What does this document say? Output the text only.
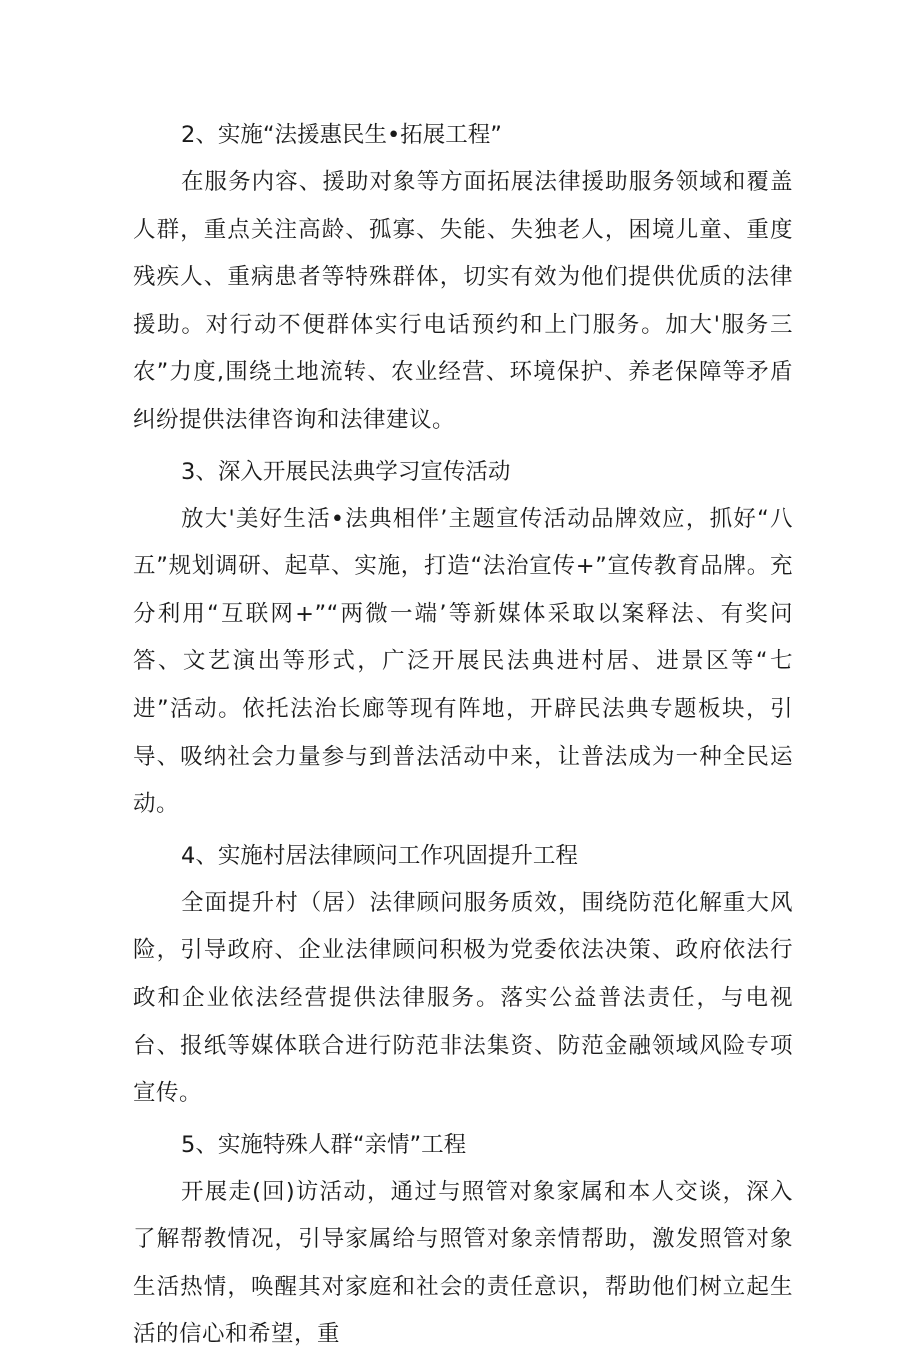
2、实施“法援惠民生•拓展工程”

在服务内容、援助对象等方面拓展法律援助服务领域和覆盖人群，重点关注高龄、孤寡、失能、失独老人，困境儿童、重度残疾人、重病患者等特殊群体，切实有效为他们提供优质的法律援助。对行动不便群体实行电话预约和上门服务。加大'服务三农”力度,围绕土地流转、农业经营、环境保护、养老保障等矛盾纠纷提供法律咨询和法律建议。

3、深入开展民法典学习宣传活动

放大'美好生活•法典相伴’主题宣传活动品牌效应，抓好“八五”规划调研、起草、实施，打造“法治宣传+”宣传教育品牌。充分利用“互联网+”“两微一端’等新媒体采取以案释法、有奖问答、文艺演出等形式，广泛开展民法典进村居、进景区等“七进”活动。依托法治长廊等现有阵地，开辟民法典专题板块，引导、吸纳社会力量参与到普法活动中来，让普法成为一种全民运动。

4、实施村居法律顾问工作巩固提升工程

全面提升村（居）法律顾问服务质效，围绕防范化解重大风险，引导政府、企业法律顾问积极为党委依法决策、政府依法行政和企业依法经营提供法律服务。落实公益普法责任，与电视台、报纸等媒体联合进行防范非法集资、防范金融领域风险专项宣传。

5、实施特殊人群“亲情”工程

开展走(回)访活动，通过与照管对象家属和本人交谈，深入了解帮教情况，引导家属给与照管对象亲情帮助，激发照管对象生活热情，唤醒其对家庭和社会的责任意识，帮助他们树立起生活的信心和希望，重
